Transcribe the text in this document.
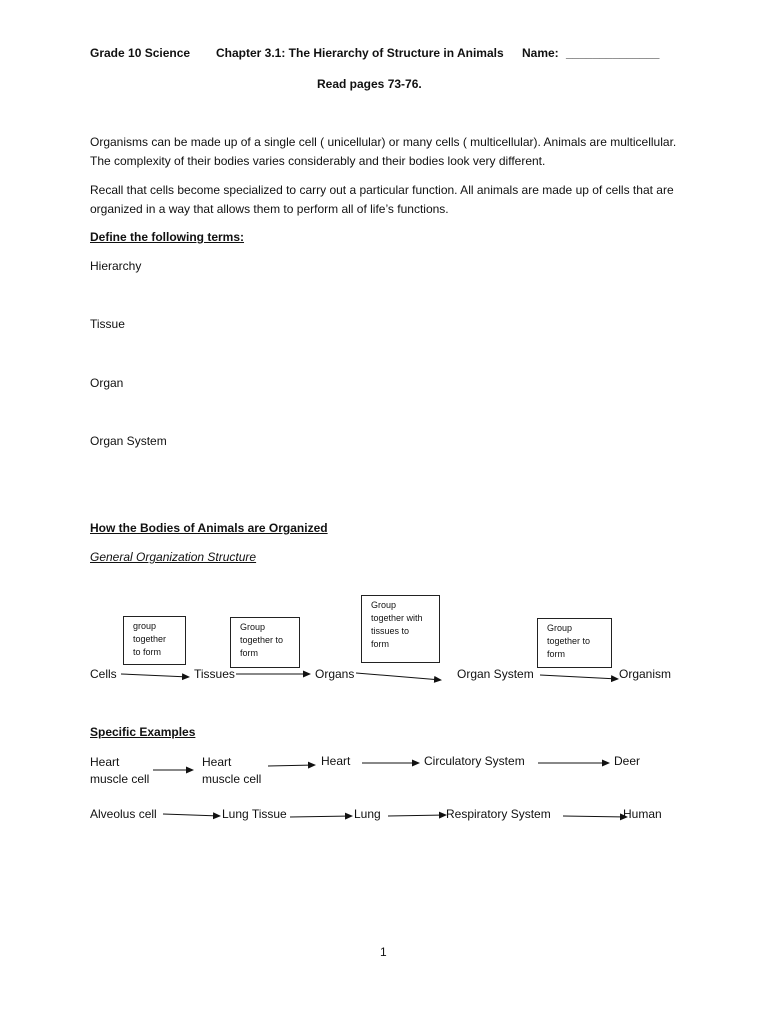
Grade 10 Science Chapter 3.1: The Hierarchy of Structure in Animals Name: ______________
Read pages 73-76.
Organisms can be made up of a single cell ( unicellular) or many cells ( multicellular). Animals are multicellular. The complexity of their bodies varies considerably and their bodies look very different.
Recall that cells become specialized to carry out a particular function. All animals are made up of cells that are organized in a way that allows them to perform all of life’s functions.
Define the following terms:
Hierarchy
Tissue
Organ
Organ System
How the Bodies of Animals are Organized
General Organization Structure
group
together
to form
Group
together to
form
Group
together with
tissues to
form
Group
together to
form
Cells	Tissues	Organs	Organ System	Organism
Specific Examples
Heart
muscle cell
Heart
muscle cell
Heart	Circulatory System	Deer
Alveolus cell	Lung Tissue	Lung	Respiratory System	Human
1
